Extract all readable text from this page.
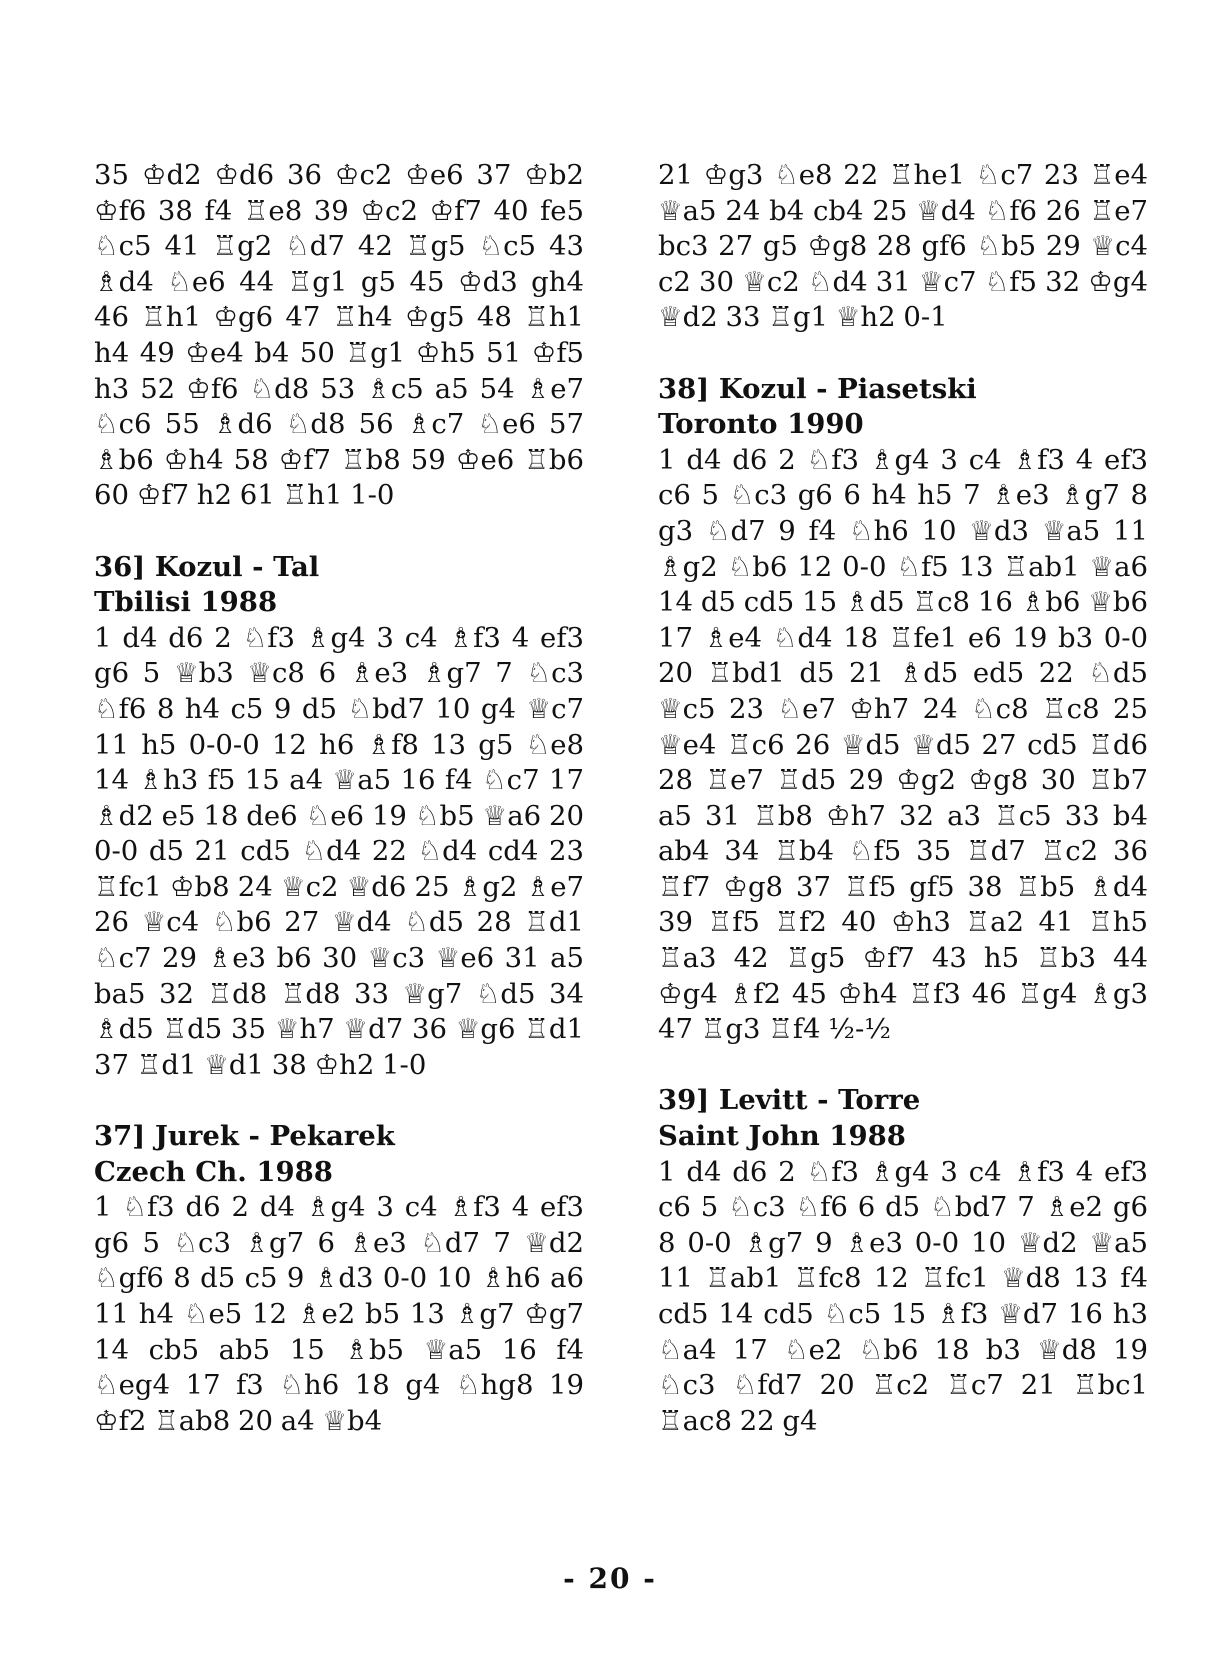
35 ♔d2 ♔d6 36 ♔c2 ♔e6 37 ♔b2 ♔f6 38 f4 ♖e8 39 ♔c2 ♔f7 40 fe5 ♘c5 41 ♖g2 ♘d7 42 ♖g5 ♘c5 43 ♗d4 ♘e6 44 ♖g1 g5 45 ♔d3 gh4 46 ♖h1 ♔g6 47 ♖h4 ♔g5 48 ♖h1 h4 49 ♔e4 b4 50 ♖g1 ♔h5 51 ♔f5 h3 52 ♔f6 ♘d8 53 ♗c5 a5 54 ♗e7 ♘c6 55 ♗d6 ♘d8 56 ♗c7 ♘e6 57 ♗b6 ♔h4 58 ♔f7 ♖b8 59 ♔e6 ♖b6 60 ♔f7 h2 61 ♖h1 1-0

36] Kozul - Tal

Tbilisi 1988

1 d4 d6 2 ♘f3 ♗g4 3 c4 ♗f3 4 ef3 g6 5 ♕b3 ♕c8 6 ♗e3 ♗g7 7 ♘c3 ♘f6 8 h4 c5 9 d5 ♘bd7 10 g4 ♕c7 11 h5 0-0-0 12 h6 ♗f8 13 g5 ♘e8 14 ♗h3 f5 15 a4 ♕a5 16 f4 ♘c7 17 ♗d2 e5 18 de6 ♘e6 19 ♘b5 ♕a6 20 0-0 d5 21 cd5 ♘d4 22 ♘d4 cd4 23 ♖fc1 ♔b8 24 ♕c2 ♕d6 25 ♗g2 ♗e7 26 ♕c4 ♘b6 27 ♕d4 ♘d5 28 ♖d1 ♘c7 29 ♗e3 b6 30 ♕c3 ♕e6 31 a5 ba5 32 ♖d8 ♖d8 33 ♕g7 ♘d5 34 ♗d5 ♖d5 35 ♕h7 ♕d7 36 ♕g6 ♖d1 37 ♖d1 ♕d1 38 ♔h2 1-0

37] Jurek - Pekarek

Czech Ch. 1988

1 ♘f3 d6 2 d4 ♗g4 3 c4 ♗f3 4 ef3 g6 5 ♘c3 ♗g7 6 ♗e3 ♘d7 7 ♕d2 ♘gf6 8 d5 c5 9 ♗d3 0-0 10 ♗h6 a6 11 h4 ♘e5 12 ♗e2 b5 13 ♗g7 ♔g7 14 cb5 ab5 15 ♗b5 ♕a5 16 f4 ♘eg4 17 f3 ♘h6 18 g4 ♘hg8 19 ♔f2 ♖ab8 20 a4 ♕b4

21 ♔g3 ♘e8 22 ♖he1 ♘c7 23 ♖e4 ♕a5 24 b4 cb4 25 ♕d4 ♘f6 26 ♖e7 bc3 27 g5 ♔g8 28 gf6 ♘b5 29 ♕c4 c2 30 ♕c2 ♘d4 31 ♕c7 ♘f5 32 ♔g4 ♕d2 33 ♖g1 ♕h2 0-1

38] Kozul - Piasetski

Toronto 1990

1 d4 d6 2 ♘f3 ♗g4 3 c4 ♗f3 4 ef3 c6 5 ♘c3 g6 6 h4 h5 7 ♗e3 ♗g7 8 g3 ♘d7 9 f4 ♘h6 10 ♕d3 ♕a5 11 ♗g2 ♘b6 12 0-0 ♘f5 13 ♖ab1 ♕a6 14 d5 cd5 15 ♗d5 ♖c8 16 ♗b6 ♕b6 17 ♗e4 ♘d4 18 ♖fe1 e6 19 b3 0-0 20 ♖bd1 d5 21 ♗d5 ed5 22 ♘d5 ♕c5 23 ♘e7 ♔h7 24 ♘c8 ♖c8 25 ♕e4 ♖c6 26 ♕d5 ♕d5 27 cd5 ♖d6 28 ♖e7 ♖d5 29 ♔g2 ♔g8 30 ♖b7 a5 31 ♖b8 ♔h7 32 a3 ♖c5 33 b4 ab4 34 ♖b4 ♘f5 35 ♖d7 ♖c2 36 ♖f7 ♔g8 37 ♖f5 gf5 38 ♖b5 ♗d4 39 ♖f5 ♖f2 40 ♔h3 ♖a2 41 ♖h5 ♖a3 42 ♖g5 ♔f7 43 h5 ♖b3 44 ♔g4 ♗f2 45 ♔h4 ♖f3 46 ♖g4 ♗g3 47 ♖g3 ♖f4 ½-½

39] Levitt - Torre

Saint John 1988

1 d4 d6 2 ♘f3 ♗g4 3 c4 ♗f3 4 ef3 c6 5 ♘c3 ♘f6 6 d5 ♘bd7 7 ♗e2 g6 8 0-0 ♗g7 9 ♗e3 0-0 10 ♕d2 ♕a5 11 ♖ab1 ♖fc8 12 ♖fc1 ♕d8 13 f4 cd5 14 cd5 ♘c5 15 ♗f3 ♕d7 16 h3 ♘a4 17 ♘e2 ♘b6 18 b3 ♕d8 19 ♘c3 ♘fd7 20 ♖c2 ♖c7 21 ♖bc1 ♖ac8 22 g4

- 20 -
